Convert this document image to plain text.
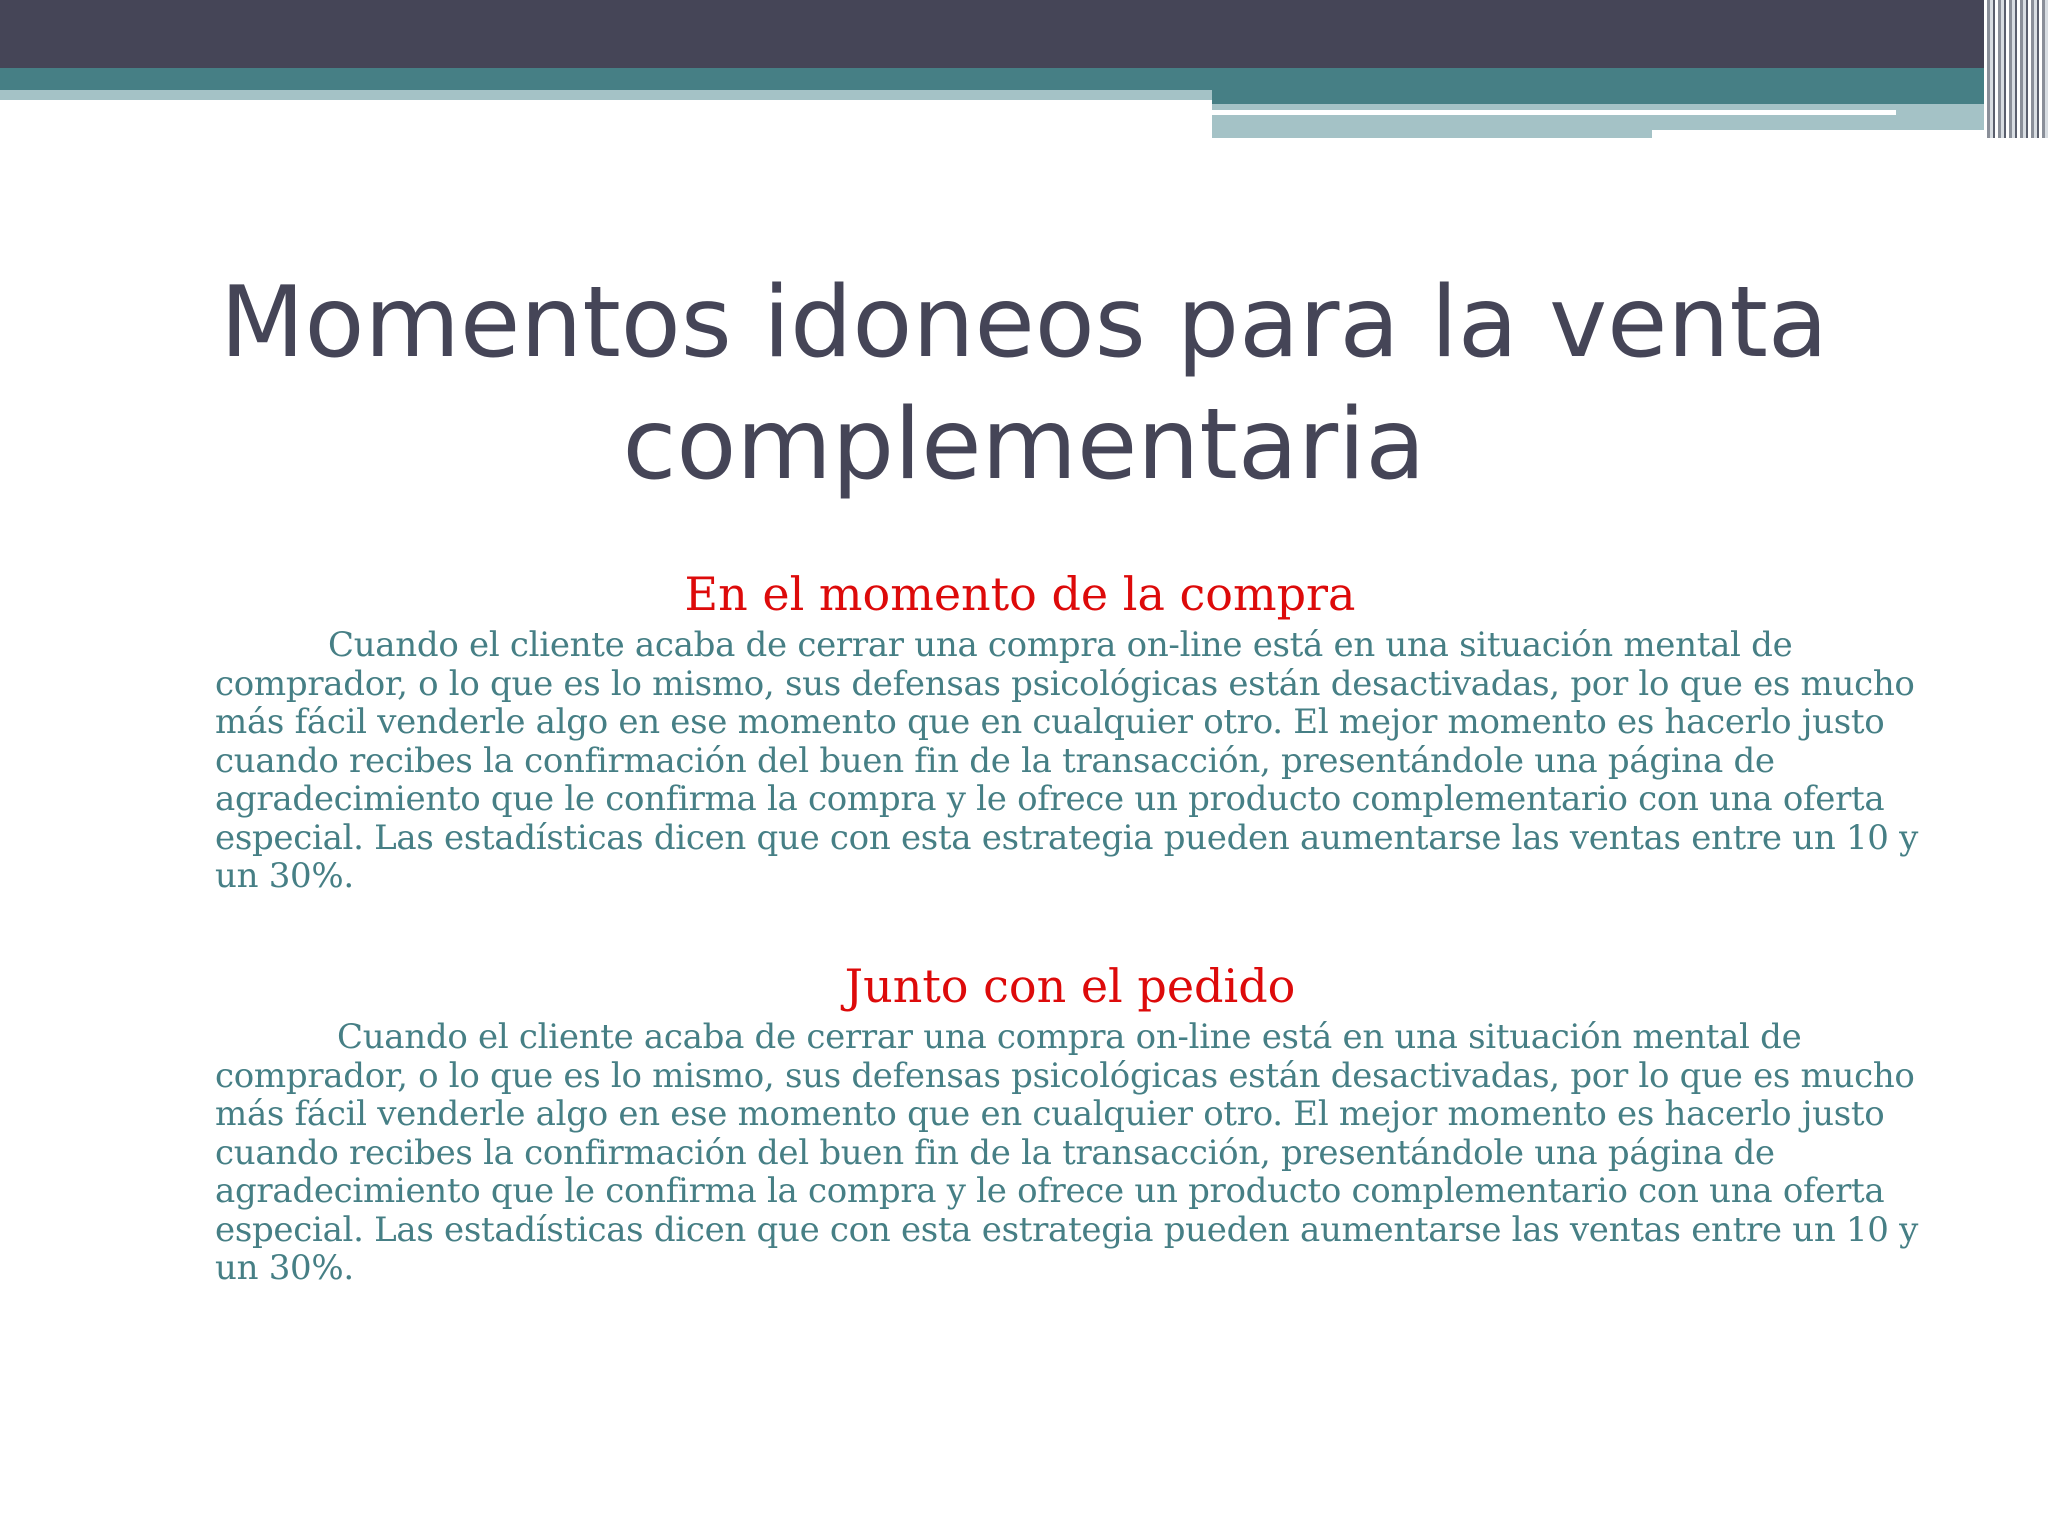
Momentos idoneos para la venta complementaria
En el momento de la compra
Cuando el cliente acaba de cerrar una compra on-line está en una situación mental de comprador, o lo que es lo mismo, sus defensas psicológicas están desactivadas, por lo que es mucho más fácil venderle algo en ese momento que en cualquier otro. El mejor momento es hacerlo justo cuando recibes la confirmación del buen fin de la transacción, presentándole una página de agradecimiento que le confirma la compra y le ofrece un producto complementario con una oferta especial. Las estadísticas dicen que con esta estrategia pueden aumentarse las ventas entre un 10 y un 30%.
Junto con el pedido
Cuando el cliente acaba de cerrar una compra on-line está en una situación mental de comprador, o lo que es lo mismo, sus defensas psicológicas están desactivadas, por lo que es mucho más fácil venderle algo en ese momento que en cualquier otro. El mejor momento es hacerlo justo cuando recibes la confirmación del buen fin de la transacción, presentándole una página de agradecimiento que le confirma la compra y le ofrece un producto complementario con una oferta especial. Las estadísticas dicen que con esta estrategia pueden aumentarse las ventas entre un 10 y un 30%.
